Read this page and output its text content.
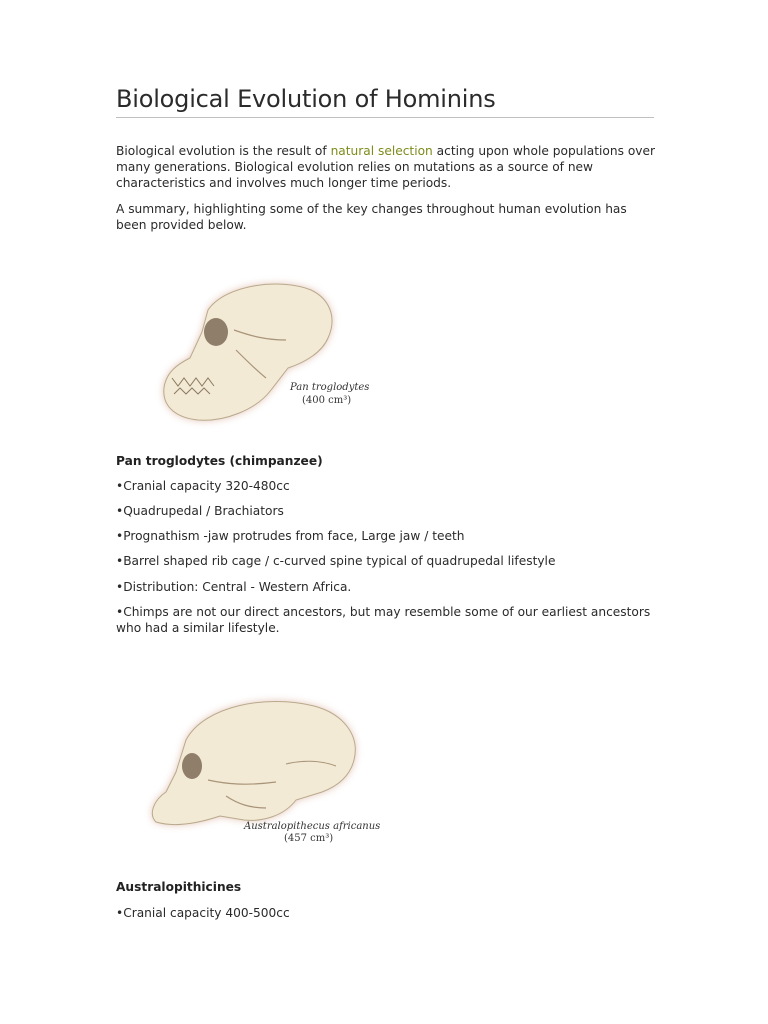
Biological Evolution of Hominins

Biological evolution is the result of natural selection acting upon whole populations over many generations. Biological evolution relies on mutations as a source of new characteristics and involves much longer time periods.

A summary, highlighting some of the key changes throughout human evolution has been provided below.

Pan troglodytes
(400 cm³)
Pan troglodytes (chimpanzee)

•Cranial capacity 320-480cc

•Quadrupedal / Brachiators

•Prognathism -jaw protrudes from face, Large jaw / teeth

•Barrel shaped rib cage / c-curved spine typical of quadrupedal lifestyle

•Distribution: Central - Western Africa.

•Chimps are not our direct ancestors, but may resemble some of our earliest ancestors who had a similar lifestyle.

Australopithecus africanus
(457 cm³)
Australopithicines

•Cranial capacity 400-500cc
